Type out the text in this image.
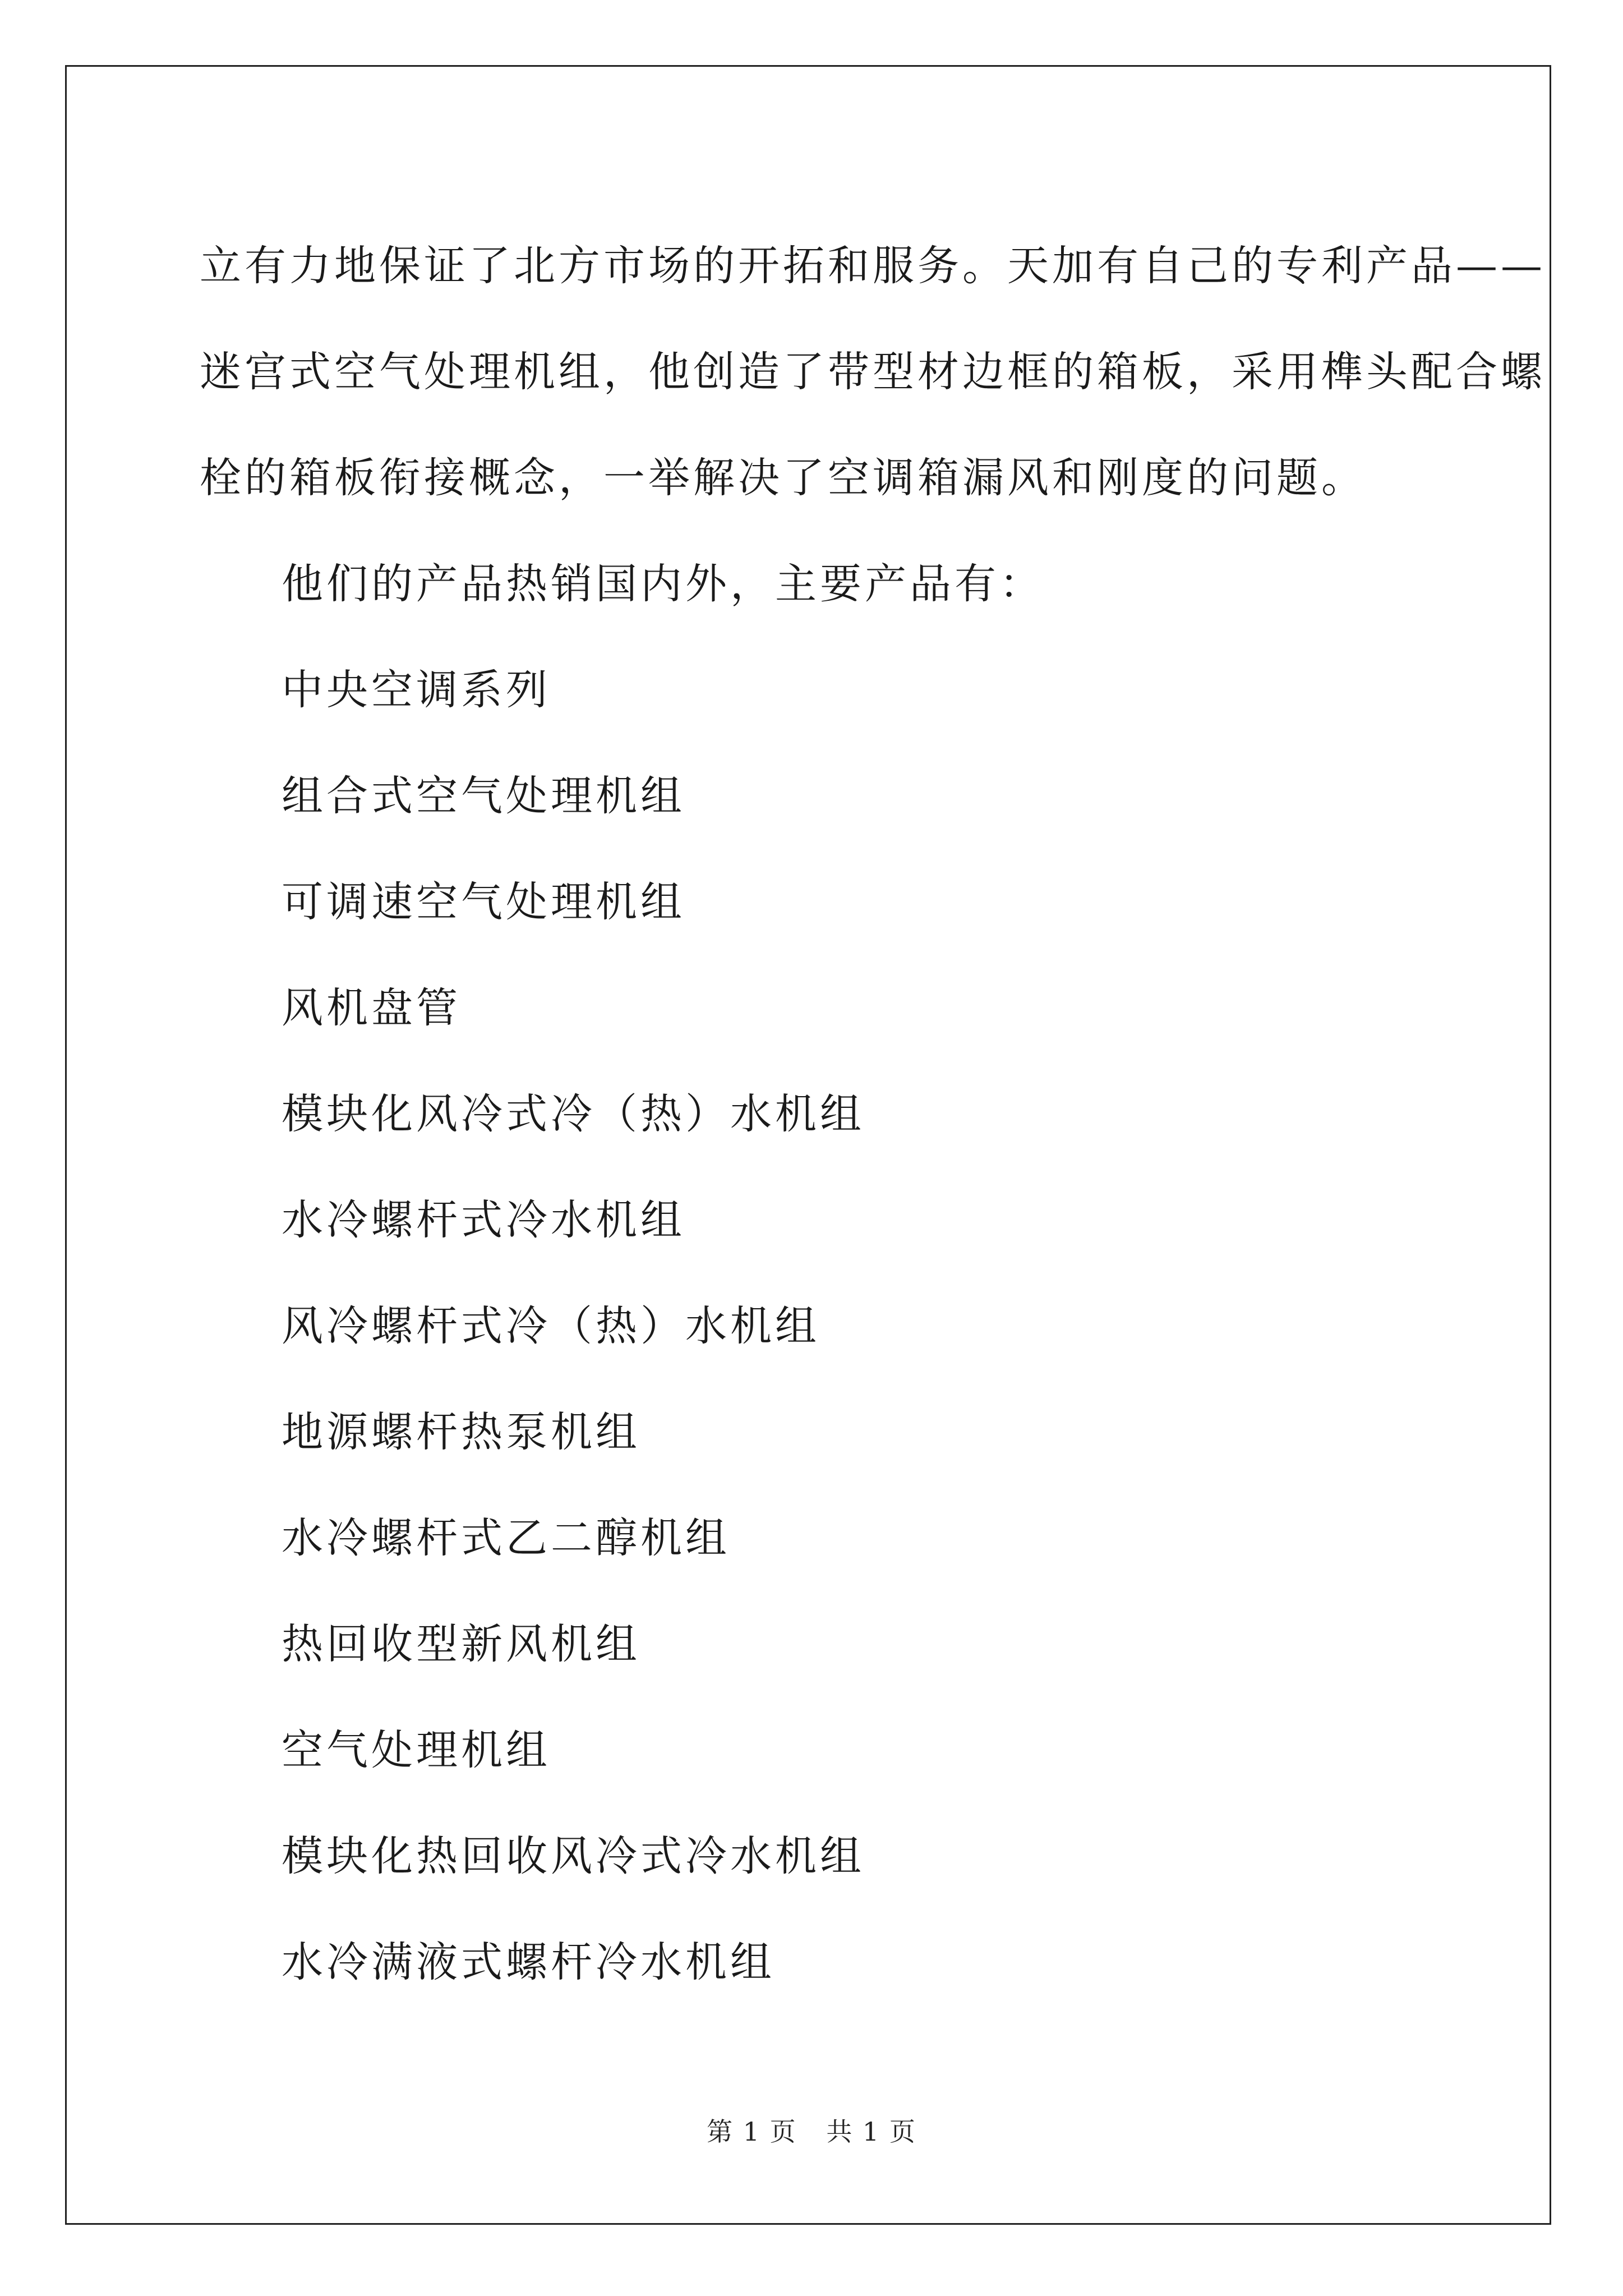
立有力地保证了北方市场的开拓和服务。天加有自己的专利产品——
迷宫式空气处理机组，他创造了带型材边框的箱板，采用榫头配合螺
栓的箱板衔接概念，一举解决了空调箱漏风和刚度的问题。

他们的产品热销国内外，主要产品有：

中央空调系列
组合式空气处理机组
可调速空气处理机组
风机盘管
模块化风冷式冷（热）水机组
水冷螺杆式冷水机组
风冷螺杆式冷（热）水机组
地源螺杆热泵机组
水冷螺杆式乙二醇机组
热回收型新风机组
空气处理机组
模块化热回收风冷式冷水机组
水冷满液式螺杆冷水机组
第 1 页 共 1 页
